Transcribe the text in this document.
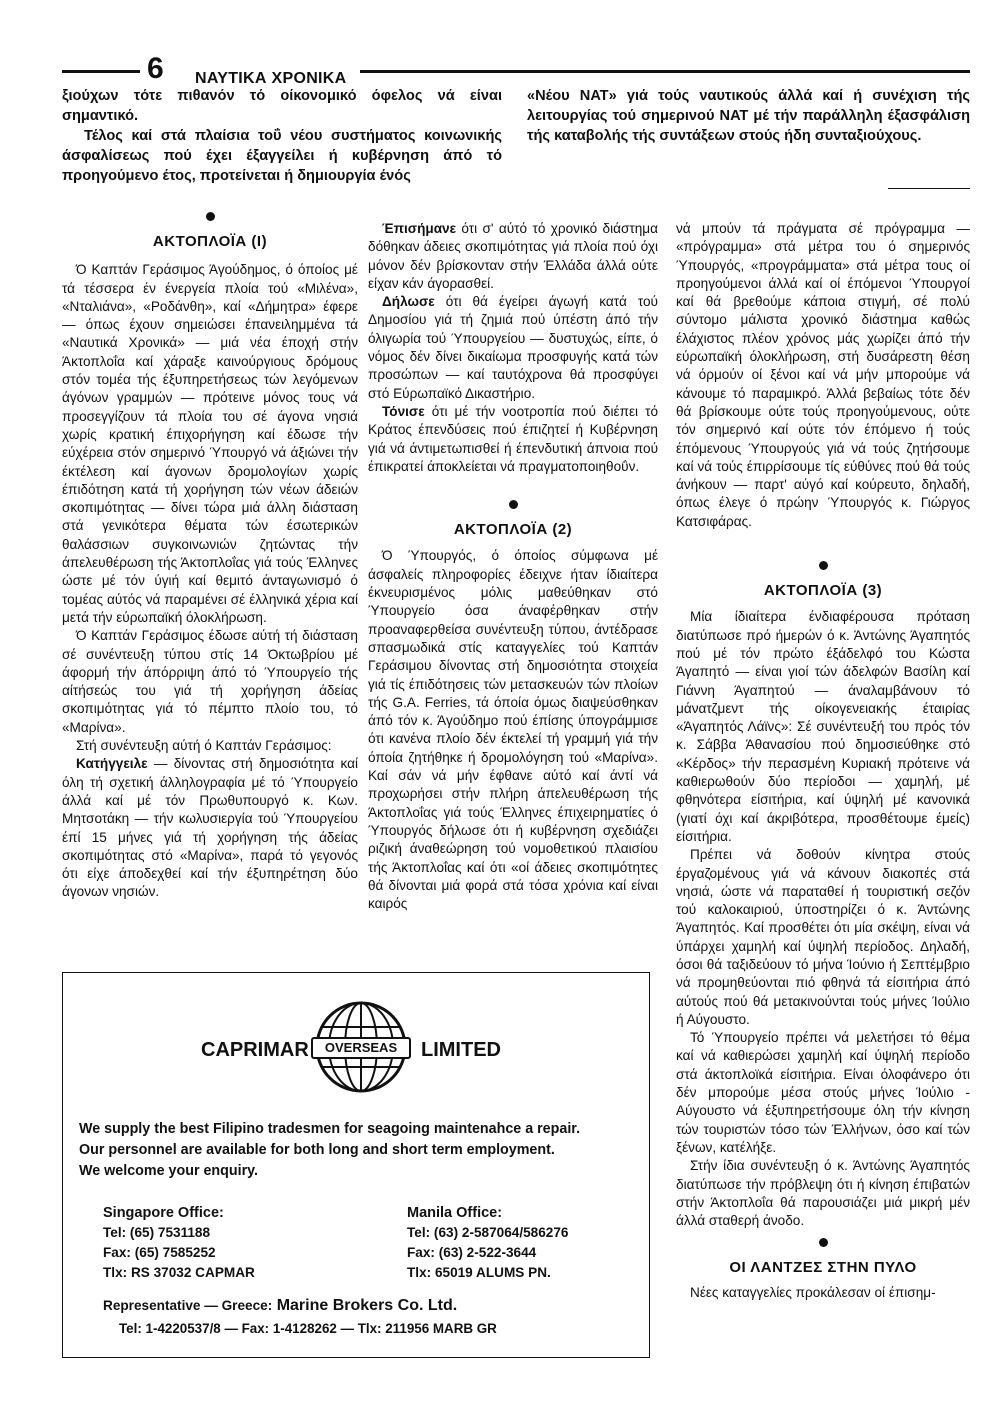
6 ΝΑΥΤΙΚΑ ΧΡΟΝΙΚΑ

ξιούχων τότε πιθανόν τό οίκονομικό όφελος νά είναι σημαντικό.

Τέλος καί στά πλαίσια τοΰ νέου συστήματος κοινωνικής άσφαλίσεως πού έχει έξαγγείλει ή κυβέρνηση άπό τό προηγούμενο έτος, προτείνεται ή δημιουργία ένός

«Νέου ΝΑΤ» γιά τούς ναυτικούς άλλά καί ή συνέχιση τής λειτουργίας τού σημερινού ΝΑΤ μέ τήν παράλληλη έξασφάλιση τής καταβολής τής συντάξεων στούς ήδη συνταξιούχους.

ΑΚΤΟΠΛΟΪΑ (Ι)

Ό Καπτάν Γεράσιμος Άγούδημος, ό όποίος μέ τά τέσσερα έν ένεργεία πλοία τού «Μιλένα», «Νταλιάνα», «Ροδάνθη», καί «Δήμητρα» έφερε — όπως έχουν σημειώσει έπανειλημμένα τά «Ναυτικά Χρονικά» — μιά νέα έποχή στήν Άκτοπλοΐα καί χάραξε καινούργιους δρόμους στόν τομέα τής έξυπηρετήσεως τών λεγόμενων άγόνων γραμμών — πρότεινε μόνος τους νά προσεγγίζουν τά πλοία του σέ άγονα νησιά χωρίς κρατική έπιχορήγηση καί έδωσε τήν εύχέρεια στόν σημερινό Ύπουργό νά άξιώνει τήν έκτέλεση καί άγονων δρομολογίων χωρίς έπιδότηση κατά τή χορήγηση τών νέων άδειών σκοπιμότητας — δίνει τώρα μιά άλλη διάσταση στά γενικότερα θέματα τών έσωτερικών θαλάσσιων συγκοινωνιών ζητώντας τήν άπελευθέρωση τής Άκτοπλοΐας γιά τούς Έλληνες ώστε μέ τόν ύγιή καί θεμιτό άνταγωνισμό ό τομέας αύτός νά παραμένει σέ έλληνικά χέρια καί μετά τήν εύρωπαϊκή όλοκλήρωση.

Ό Καπτάν Γεράσιμος έδωσε αύτή τή διάσταση σέ συνέντευξη τύπου στίς 14 Όκτωβρίου μέ άφορμή τήν άπόρριψη άπό τό Ύπουργείο τής αίτήσεώς του γιά τή χορήγηση άδείας σκοπιμότητας γιά τό πέμπτο πλοίο του, τό «Μαρίνα».

Στή συνέντευξη αύτή ό Καπτάν Γεράσιμος:

Κατήγγειλε — δίνοντας στή δημοσιότητα καί όλη τή σχετική άλληλογραφία μέ τό Ύπουργείο άλλά καί μέ τόν Πρωθυπουργό κ. Κων. Μητσοτάκη — τήν κωλυσιεργία τού Ύπουργείου έπί 15 μήνες γιά τή χορήγηση τής άδείας σκοπιμότητας στό «Μαρίνα», παρά τό γεγονός ότι είχε άποδεχθεί καί τήν έξυπηρέτηση δύο άγονων νησιών.

Έπισήμανε ότι σ' αύτό τό χρονικό διάστημα δόθηκαν άδειες σκοπιμότητας γιά πλοία πού όχι μόνον δέν βρίσκονταν στήν Έλλάδα άλλά ούτε είχαν κάν άγορασθεί.

Δήλωσε ότι θά έγείρει άγωγή κατά τού Δημοσίου γιά τή ζημιά πού ύπέστη άπό τήν όλιγωρία τού Ύπουργείου — δυστυχώς, είπε, ό νόμος δέν δίνει δικαίωμα προσφυγής κατά τών προσώπων — καί ταυτόχρονα θά προσφύγει στό Εύρωπαϊκό Δικαστήριο.

Τόνισε ότι μέ τήν νοοτροπία πού διέπει τό Κράτος έπενδύσεις πού έπιζητεί ή Κυβέρνηση γιά νά άντιμετωπισθεί ή έπενδυτική άπνοια πού έπικρατεί άποκλείεται νά πραγματοποιηθοΰν.

ΑΚΤΟΠΛΟΪΑ (2)

Ό Ύπουργός, ό όποίος σύμφωνα μέ άσφαλείς πληροφορίες έδειχνε ήταν ίδιαίτερα έκνευρισμένος μόλις μαθεύθηκαν στό Ύπουργείο όσα άναφέρθηκαν στήν προαναφερθείσα συνέντευξη τύπου, άντέδρασε σπασμωδικά στίς καταγγελίες τού Καπτάν Γεράσιμου δίνοντας στή δημοσιότητα στοιχεία γιά τίς έπιδότησεις τών μετασκευών τών πλοίων τής G.A. Ferries, τά όποία όμως διαψεύσθηκαν άπό τόν κ. Άγούδημο πού έπίσης ύπογράμμισε ότι κανένα πλοίο δέν έκτελεί τή γραμμή γιά τήν όποία ζητήθηκε ή δρομολόγηση τού «Μαρίνα». Καί σάν νά μήν έφθανε αύτό καί άντί νά προχωρήσει στήν πλήρη άπελευθέρωση τής Άκτοπλοΐας γιά τούς Έλληνες έπιχειρηματίες ό Ύπουργός δήλωσε ότι ή κυβέρνηση σχεδιάζει ριζική άναθεώρηση τού νομοθετικού πλαισίου τής Άκτοπλοΐας καί ότι «οί άδειες σκοπιμότητες θά δίνονται μιά φορά στά τόσα χρόνια καί είναι καιρός

νά μπούν τά πράγματα σέ πρόγραμμα — «πρόγραμμα» στά μέτρα του ό σημερινός Ύπουργός, «προγράμματα» στά μέτρα τους οί προηγούμενοι άλλά καί οί έπόμενοι Ύπουργοί καί θά βρεθούμε κάποια στιγμή, σέ πολύ σύντομο μάλιστα χρονικό διάστημα καθώς έλάχιστος πλέον χρόνος μάς χωρίζει άπό τήν εύρωπαϊκή όλοκλήρωση, στή δυσάρεστη θέση νά όρμούν οί ξένοι καί νά μήν μπορούμε νά κάνουμε τό παραμικρό. Άλλά βεβαίως τότε δέν θά βρίσκουμε ούτε τούς προηγούμενους, ούτε τόν σημερινό καί ούτε τόν έπόμενο ή τούς έπόμενους Ύπουργούς γιά νά τούς ζητήσουμε καί νά τούς έπιρρίσουμε τίς εύθύνες πού θά τούς άνήκουν — παρτ' αύγό καί κούρευτο, δηλαδή, όπως έλεγε ό πρώην Ύπουργός κ. Γιώργος Κατσιφάρας.

ΑΚΤΟΠΛΟΪΑ (3)

Μία ίδιαίτερα ένδιαφέρουσα πρόταση διατύπωσε πρό ήμερών ό κ. Άντώνης Άγαπητός πού μέ τόν πρώτο έξάδελφό του Κώστα Άγαπητό — είναι γιοί τών άδελφών Βασίλη καί Γιάννη Άγαπητού — άναλαμβάνουν τό μάνατζμεντ τής οίκογενειακής έταιρίας «Άγαπητός Λάϊνς»: Σέ συνέντευξή του πρός τόν κ. Σάββα Άθανασίου πού δημοσιεύθηκε στό «Κέρδος» τήν περασμένη Κυριακή πρότεινε νά καθιερωθούν δύο περίοδοι — χαμηλή, μέ φθηνότερα είσιτήρια, καί ύψηλή μέ κανονικά (γιατί όχι καί άκριβότερα, προσθέτουμε έμείς) είσιτήρια.

Πρέπει νά δοθούν κίνητρα στούς έργαζομένους γιά νά κάνουν διακοπές στά νησιά, ώστε νά παραταθεί ή τουριστική σεζόν τού καλοκαιριού, ύποστηρίζει ό κ. Άντώνης Άγαπητός. Καί προσθέτει ότι μία σκέψη, είναι νά ύπάρχει χαμηλή καί ύψηλή περίοδος. Δηλαδή, όσοι θά ταξιδεύουν τό μήνα Ίούνιο ή Σεπτέμβριο νά προμηθεύονται πιό φθηνά τά είσιτήρια άπό αύτούς πού θά μετακινούνται τούς μήνες Ίούλιο ή Αύγουστο.

Τό Ύπουργείο πρέπει νά μελετήσει τό θέμα καί νά καθιερώσει χαμηλή καί ύψηλή περίοδο στά άκτοπλοϊκά είσιτήρια. Είναι όλοφάνερο ότι δέν μπορούμε μέσα στούς μήνες Ίούλιο - Αύγουστο νά έξυπηρετήσουμε όλη τήν κίνηση τών τουριστών τόσο τών Έλλήνων, όσο καί τών ξένων, κατέλήξε.

Στήν ίδια συνέντευξη ό κ. Άντώνης Άγαπητός διατύπωσε τήν πρόβλεψη ότι ή κίνηση έπιβατών στήν Άκτοπλοΐα θά παρουσιάζει μιά μικρή μέν άλλά σταθερή άνοδο.

ΟΙ ΛΑΝΤΖΕΣ ΣΤΗΝ ΠΥΛΟ

Νέες καταγγελίες προκάλεσαν οί έπισημ-

CAPRIMAR	OVERSEAS	LIMITED
We supply the best Filipino tradesmen for seagoing maintenahce a repair.
Our personnel are available for both long and short term employment.
We welcome your enquiry.
Singapore Office:
Tel: (65) 7531188
Fax: (65) 7585252
Tlx: RS 37032 CAPMAR
Manila Office:
Tel: (63) 2-587064/586276
Fax: (63) 2-522-3644
Tlx: 65019 ALUMS PN.
Representative — Greece: Marine Brokers Co. Ltd.
Tel: 1-4220537/8 — Fax: 1-4128262 — Tlx: 211956 MARB GR
